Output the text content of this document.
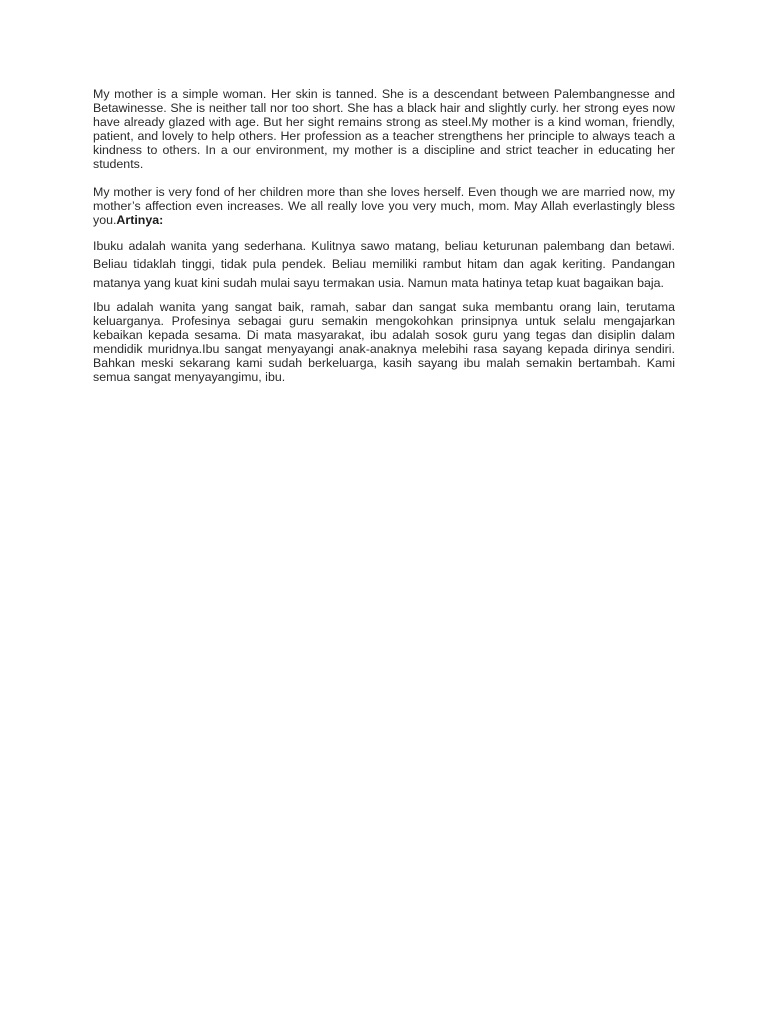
My mother is a simple woman. Her skin is tanned. She is a descendant between Palembangnesse and Betawinesse. She is neither tall nor too short. She has a black hair and slightly curly. her strong eyes now have already glazed with age. But her sight remains strong as steel.My mother is a kind woman, friendly, patient, and lovely to help others. Her profession as a teacher strengthens her principle to always teach a kindness to others. In a our environment, my mother is a discipline and strict teacher in educating her students.

My mother is very fond of her children more than she loves herself. Even though we are married now, my mother’s affection even increases. We all really love you very much, mom. May Allah everlastingly bless you.Artinya:

Ibuku adalah wanita yang sederhana. Kulitnya sawo matang, beliau keturunan palembang dan betawi. Beliau tidaklah tinggi, tidak pula pendek. Beliau memiliki rambut hitam dan agak keriting. Pandangan matanya yang kuat kini sudah mulai sayu termakan usia. Namun mata hatinya tetap kuat bagaikan baja.

Ibu adalah wanita yang sangat baik, ramah, sabar dan sangat suka membantu orang lain, terutama keluarganya. Profesinya sebagai guru semakin mengokohkan prinsipnya untuk selalu mengajarkan kebaikan kepada sesama. Di mata masyarakat, ibu adalah sosok guru yang tegas dan disiplin dalam mendidik muridnya.Ibu sangat menyayangi anak-anaknya melebihi rasa sayang kepada dirinya sendiri. Bahkan meski sekarang kami sudah berkeluarga, kasih sayang ibu malah semakin bertambah. Kami semua sangat menyayangimu, ibu.
